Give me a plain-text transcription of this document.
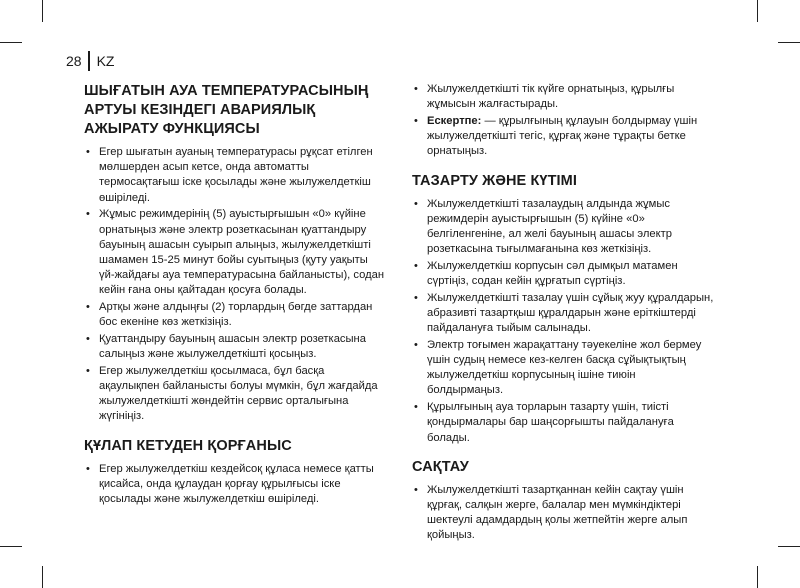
28 KZ
ШЫҒАТЫН АУА ТЕМПЕРАТУРАСЫНЫҢ АРТУЫ КЕЗІНДЕГІ АВАРИЯЛЫҚ АЖЫРАТУ ФУНКЦИЯСЫ
• Егер шығатын ауаның температурасы рұқсат етілген мөлшерден асып кетсе, онда автоматты термосақтағыш іске қосылады және жылужелдеткіш өшіріледі.
• Жұмыс режимдерінің (5) ауыстырғышын «0» күйіне орнатыңыз және электр розеткасынан қуаттандыру бауының ашасын суырып алыңыз, жылужелдеткішті шамамен 15-25 минут бойы суытыңыз (қуту уақыты үй-жайдағы ауа температурасына байланысты), содан кейін ғана оны қайтадан қосуға болады.
• Артқы және алдыңғы (2) торлардың бөгде заттардан бос екеніне көз жеткізіңіз.
• Қуаттандыру бауының ашасын электр розеткасына салыңыз және жылужелдеткішті қосыңыз.
• Егер жылужелдеткіш қосылмаса, бұл басқа ақаулықпен байланысты болуы мүмкін, бұл жағдайда жылужелдеткішті жөндейтін сервис орталығына жүгініңіз.
ҚҰЛАП КЕТУДЕН ҚОРҒАНЫС
• Егер жылужелдеткіш кездейсоқ құласа немесе қатты қисайса, онда құлаудан қорғау құрылғысы іске қосылады және жылужелдеткіш өшіріледі.
• Жылужелдеткішті тік күйге орнатыңыз, құрылғы жұмысын жалғастырады.
• Ескертпе: — құрылғының құлауын болдырмау үшін жылужелдеткішті тегіс, құрғақ және тұрақты бетке орнатыңыз.
ТАЗАРТУ ЖӘНЕ КҮТІМІ
• Жылужелдеткішті тазалаудың алдында жұмыс режимдерін ауыстырғышын (5) күйіне «0» белгіленгеніне, ал желі бауының ашасы электр розеткасына тығылмағанына көз жеткізіңіз.
• Жылужелдеткіш корпусын сәл дымқыл матамен сүртіңіз, содан кейін құрғатып сүртіңіз.
• Жылужелдеткішті тазалау үшін сұйық жуу құралдарын, абразивті тазартқыш құралдарын және еріткіштерді пайдалануға тыйым салынады.
• Электр тоғымен жарақаттану тәуекеліне жол бермеу үшін судың немесе кез-келген басқа сұйықтықтың жылужелдеткіш корпусының ішіне тиюін болдырмаңыз.
• Құрылғының ауа торларын тазарту үшін, тиісті қондырмалары бар шаңсорғышты пайдалануға болады.
САҚТАУ
• Жылужелдеткішті тазартқаннан кейін сақтау үшін құрғақ, салқын жерге, балалар мен мүмкіндіктері шектеулі адамдардың қолы жетпейтін жерге алып қойыңыз.
